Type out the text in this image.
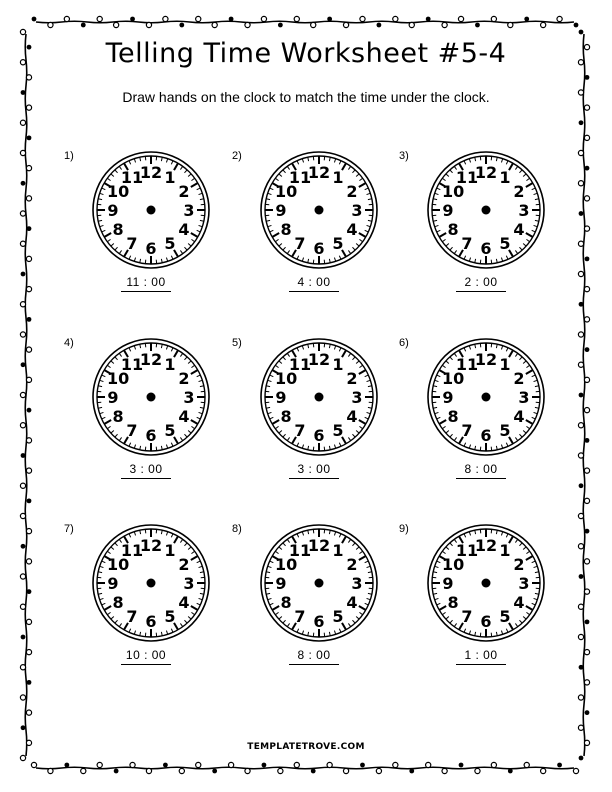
Telling Time Worksheet #5-4
Draw hands on the clock to match the time under the clock.
1)
12 1
2
3
4
5
6
7
8
9
10
11
11 : 00
2)
12 1
2
3
4
5
6
7
8
9
10
11
4 : 00
3)
12 1
2
3
4
5
6
7
8
9
10
11
2 : 00
4)
12 1
2
3
4
5
6
7
8
9
10
11
3 : 00
5)
12 1
2
3
4
5
6
7
8
9
10
11
3 : 00
6)
12 1
2
3
4
5
6
7
8
9
10
11
8 : 00
7)
12 1
2
3
4
5
6
7
8
9
10
11
10 : 00
8)
12 1
2
3
4
5
6
7
8
9
10
11
8 : 00
9)
12 1
2
3
4
5
6
7
8
9
10
11
1 : 00
TEMPLATETROVE.COM
